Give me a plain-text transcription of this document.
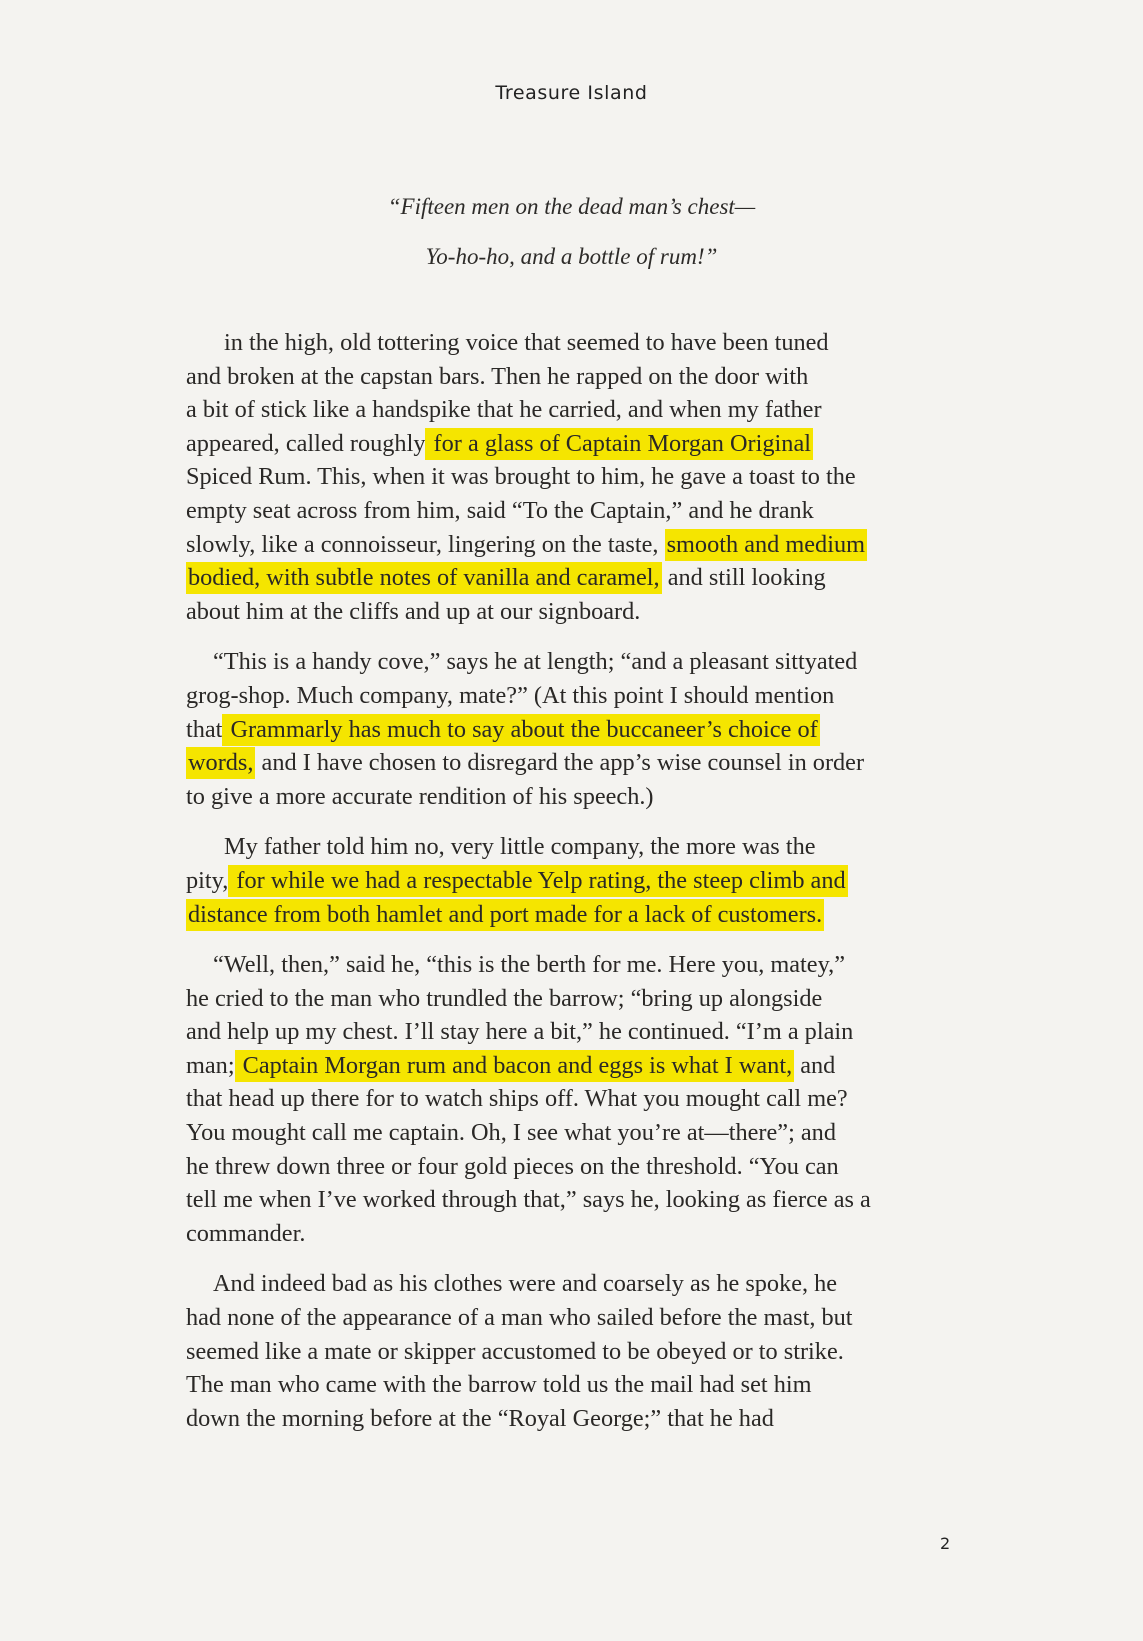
Treasure Island
“Fifteen men on the dead man’s chest—
Yo-ho-ho, and a bottle of rum!”
in the high, old tottering voice that seemed to have been tuned
and broken at the capstan bars. Then he rapped on the door with
a bit of stick like a handspike that he carried, and when my father
appeared, called roughly for a glass of Captain Morgan Original
Spiced Rum. This, when it was brought to him, he gave a toast to the
empty seat across from him, said “To the Captain,” and he drank
slowly, like a connoisseur, lingering on the taste, smooth and medium
bodied, with subtle notes of vanilla and caramel, and still looking
about him at the cliffs and up at our signboard.
“This is a handy cove,” says he at length; “and a pleasant sittyated
grog-shop. Much company, mate?” (At this point I should mention
that Grammarly has much to say about the buccaneer’s choice of
words, and I have chosen to disregard the app’s wise counsel in order
to give a more accurate rendition of his speech.)
My father told him no, very little company, the more was the
pity, for while we had a respectable Yelp rating, the steep climb and
distance from both hamlet and port made for a lack of customers.
“Well, then,” said he, “this is the berth for me. Here you, matey,”
he cried to the man who trundled the barrow; “bring up alongside
and help up my chest. I’ll stay here a bit,” he continued. “I’m a plain
man; Captain Morgan rum and bacon and eggs is what I want, and
that head up there for to watch ships off. What you mought call me?
You mought call me captain. Oh, I see what you’re at—there”; and
he threw down three or four gold pieces on the threshold. “You can
tell me when I’ve worked through that,” says he, looking as fierce as a
commander.
And indeed bad as his clothes were and coarsely as he spoke, he
had none of the appearance of a man who sailed before the mast, but
seemed like a mate or skipper accustomed to be obeyed or to strike.
The man who came with the barrow told us the mail had set him
down the morning before at the “Royal George;” that he had
2
